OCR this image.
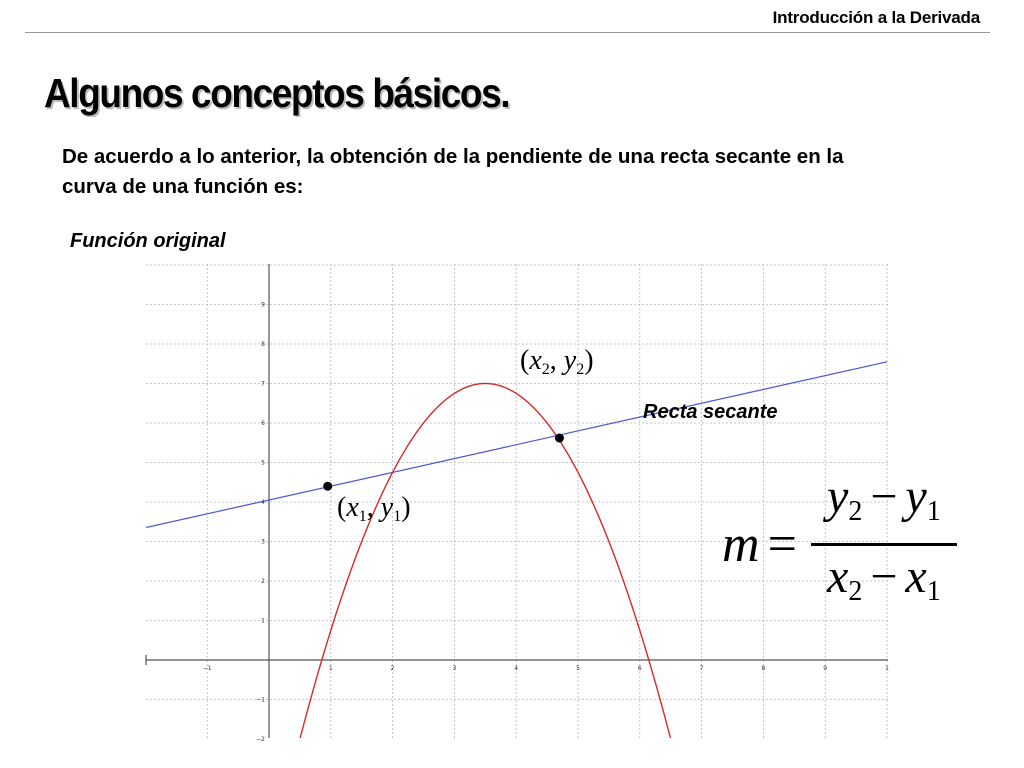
Introducción a la Derivada
Algunos conceptos básicos.
De acuerdo a lo anterior, la obtención de la pendiente de una recta secante en la curva de una función es:
Función original
−1	1	2	3	4	5	6	7	8	9	1
−2
−1
1
2
3
4
5
6
7
8
9
Recta secante
($x_2$, $y_2$)
($x_1$, $y_1$)
$m = \frac{y_2 - y_1}{x_2 - x_1}$
